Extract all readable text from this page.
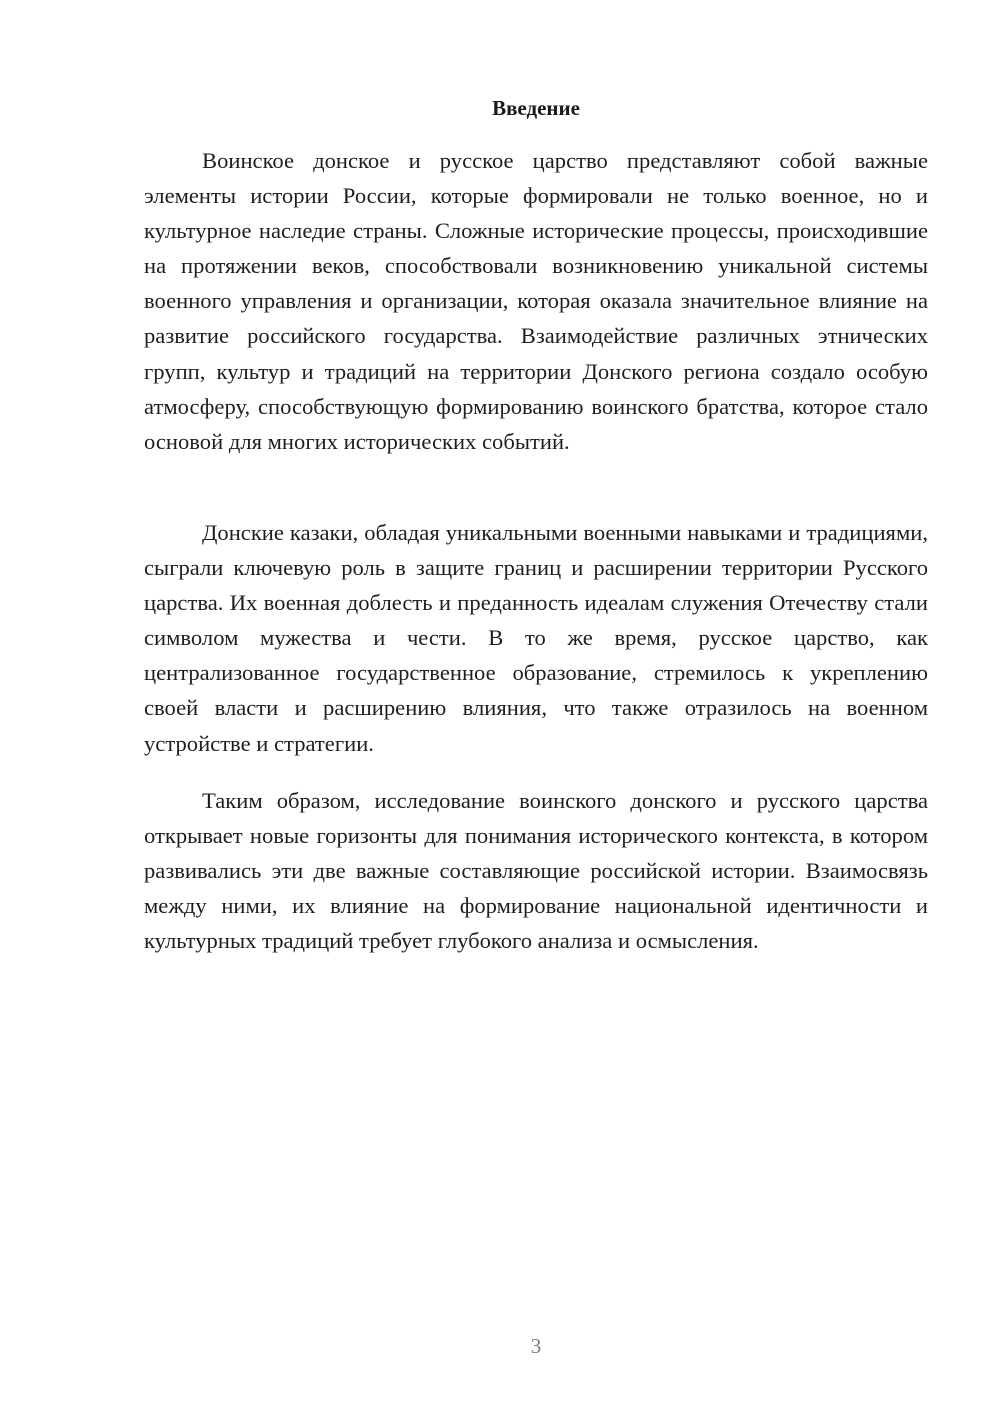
Введение

Воинское донское и русское царство представляют собой важные элементы истории России, которые формировали не только военное, но и культурное наследие страны. Сложные исторические процессы, происходившие на протяжении веков, способствовали возникновению уникальной системы военного управления и организации, которая оказала значительное влияние на развитие российского государства. Взаимодействие различных этнических групп, культур и традиций на территории Донского региона создало особую атмосферу, способствующую формированию воинского братства, которое стало основой для многих исторических событий.

Донские казаки, обладая уникальными военными навыками и традициями, сыграли ключевую роль в защите границ и расширении территории Русского царства. Их военная доблесть и преданность идеалам служения Отечеству стали символом мужества и чести. В то же время, русское царство, как централизованное государственное образование, стремилось к укреплению своей власти и расширению влияния, что также отразилось на военном устройстве и стратегии.

Таким образом, исследование воинского донского и русского царства открывает новые горизонты для понимания исторического контекста, в котором развивались эти две важные составляющие российской истории. Взаимосвязь между ними, их влияние на формирование национальной идентичности и культурных традиций требует глубокого анализа и осмысления.

3
